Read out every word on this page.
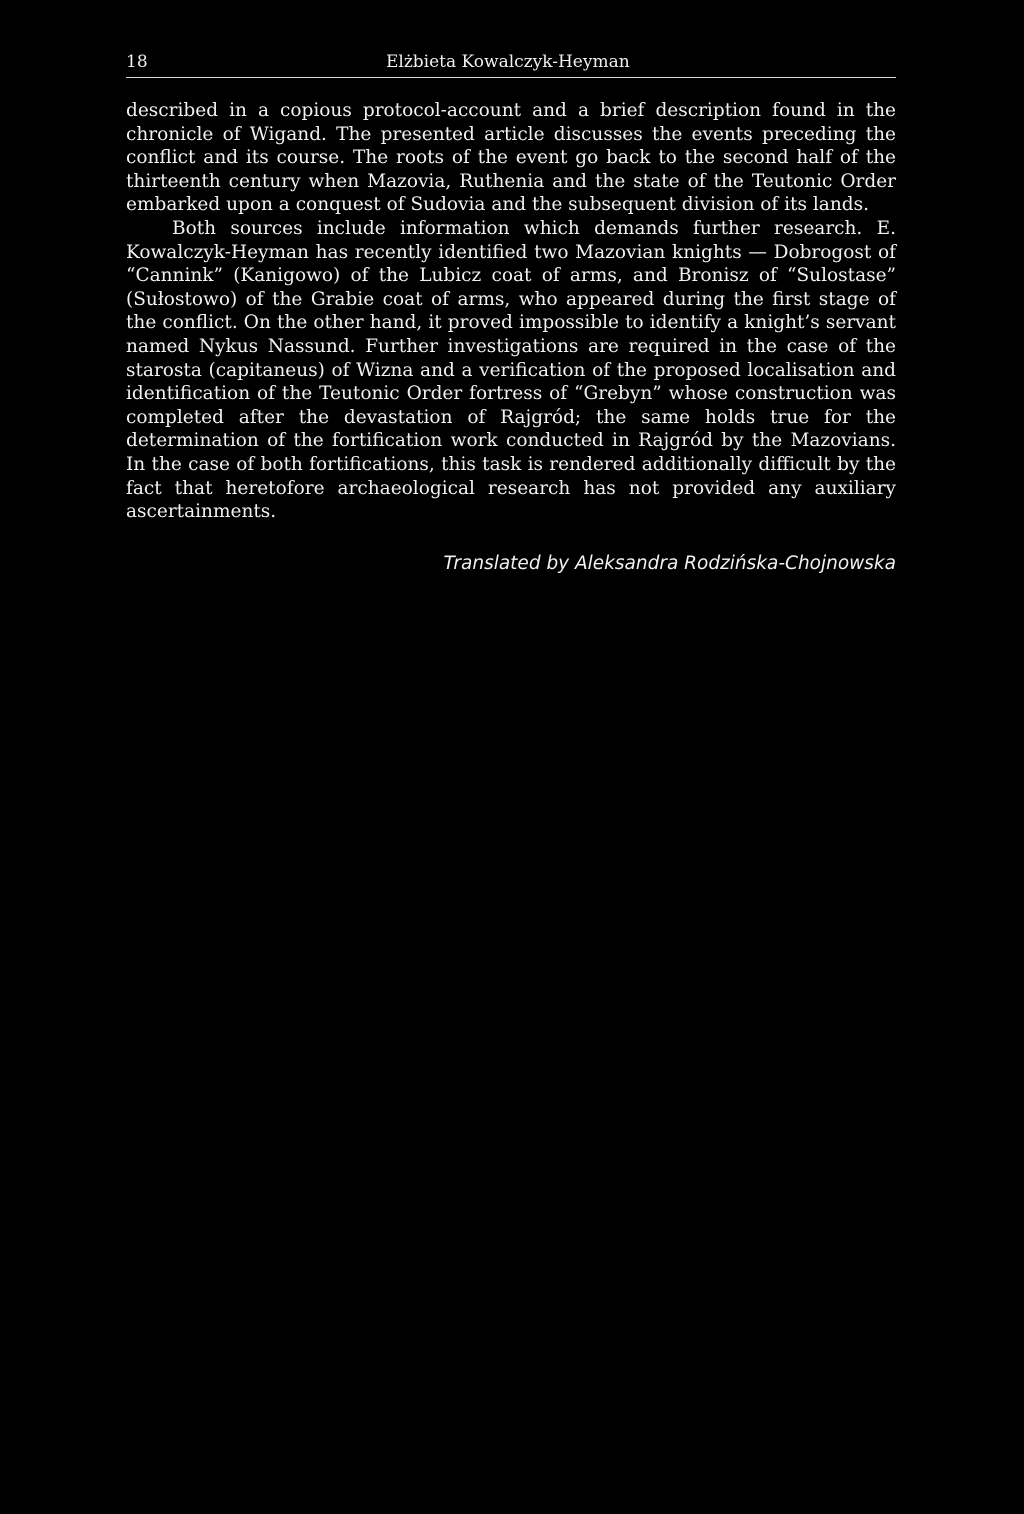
18	Elżbieta Kowalczyk-Heyman

described in a copious protocol-account and a brief description found in the chronicle of Wigand. The presented article discusses the events preceding the conflict and its course. The roots of the event go back to the second half of the thirteenth century when Mazovia, Ruthenia and the state of the Teutonic Order embarked upon a conquest of Sudovia and the subsequent division of its lands.

Both sources include information which demands further research. E. Kowalczyk-Heyman has recently identified two Mazovian knights — Dobrogost of “Cannink” (Kanigowo) of the Lubicz coat of arms, and Bronisz of “Sulostase” (Sułostowo) of the Grabie coat of arms, who appeared during the first stage of the conflict. On the other hand, it proved impossible to identify a knight’s servant named Nykus Nassund. Further investigations are required in the case of the starosta (capitaneus) of Wizna and a verification of the proposed localisation and identification of the Teutonic Order fortress of “Grebyn” whose construction was completed after the devastation of Rajgród; the same holds true for the determination of the fortification work conducted in Rajgród by the Mazovians. In the case of both fortifications, this task is rendered additionally difficult by the fact that heretofore archaeological research has not provided any auxiliary ascertainments.

Translated by Aleksandra Rodzińska-Chojnowska
